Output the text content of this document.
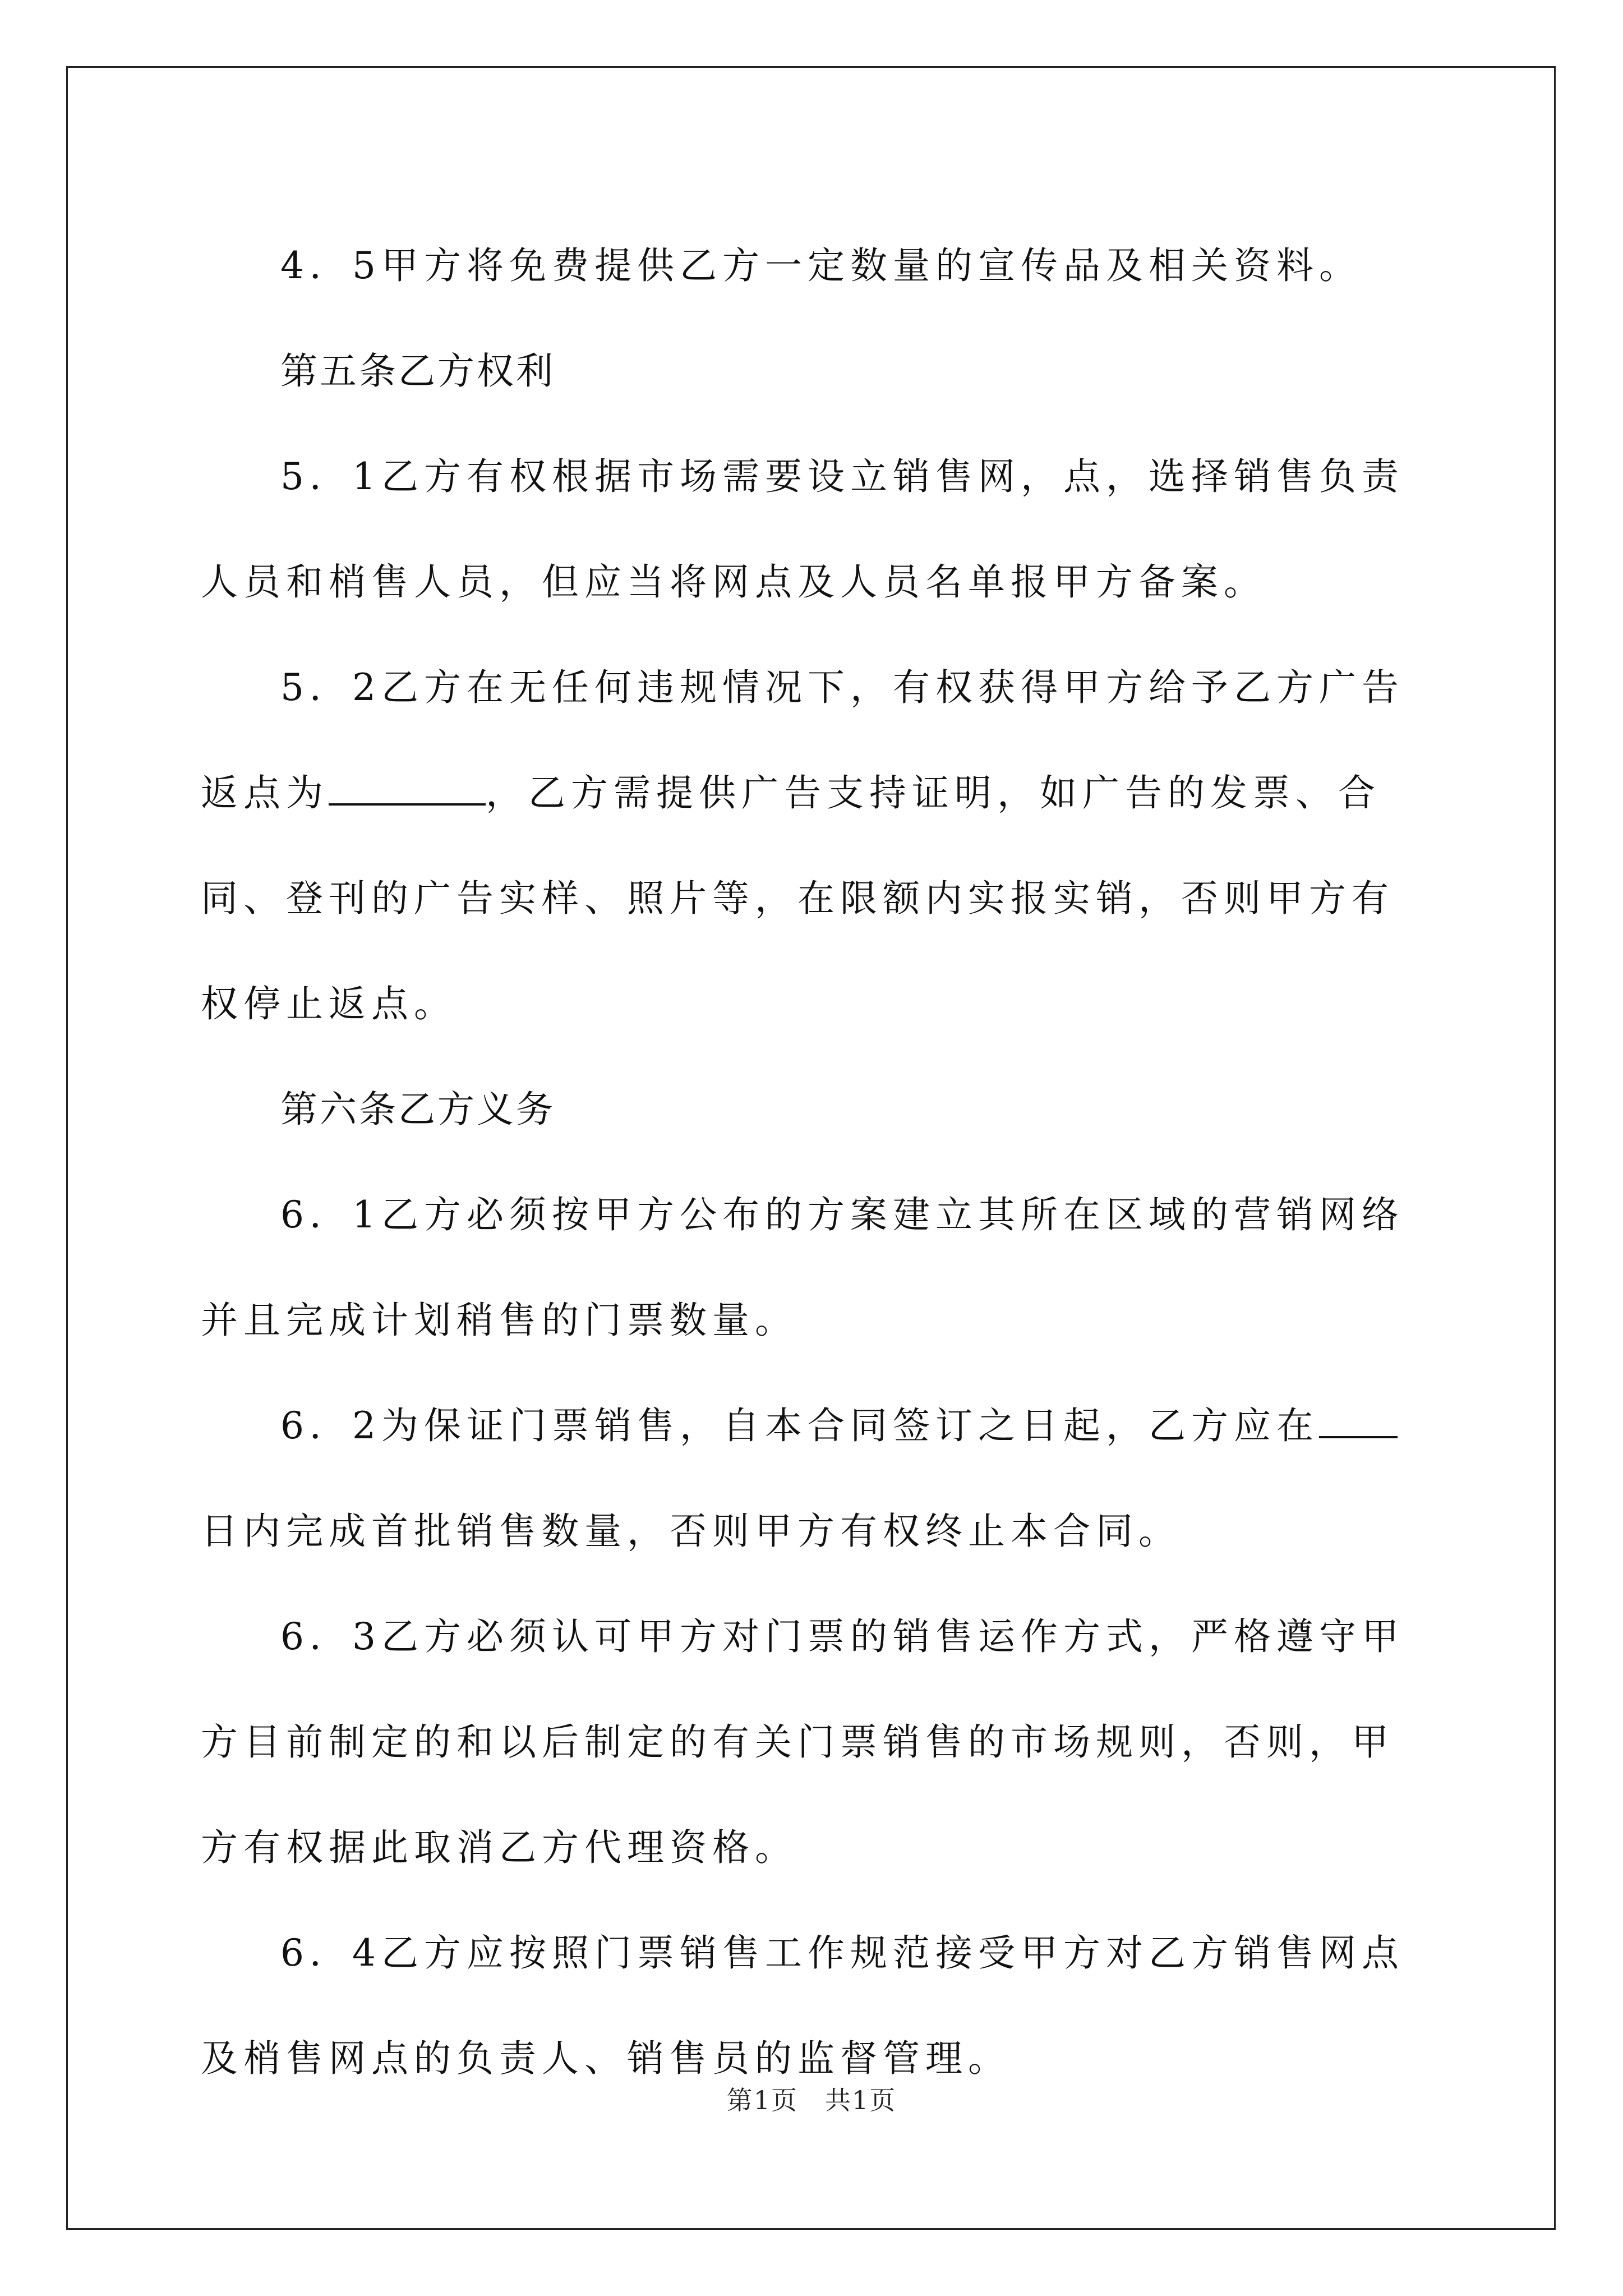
4．5甲方将免费提供乙方一定数量的宣传品及相关资料。

第五条乙方权利

5．1乙方有权根据市场需要设立销售网，点，选择销售负责人员和梢售人员，但应当将网点及人员名单报甲方备案。

5．2乙方在无任何违规情况下，有权获得甲方给予乙方广告返点为	，乙方需提供广告支持证明，如广告的发票、合同、登刊的广告实样、照片等，在限额内实报实销，否则甲方有权停止返点。

第六条乙方义务

6．1乙方必须按甲方公布的方案建立其所在区域的营销网络并且完成计划稍售的门票数量。

6．2为保证门票销售，自本合同签订之日起，乙方应在日内完成首批销售数量，否则甲方有权终止本合同。

6．3乙方必须认可甲方对门票的销售运作方式，严格遵守甲方目前制定的和以后制定的有关门票销售的市场规则，否则，甲方有权据此取消乙方代理资格。

6．4乙方应按照门票销售工作规范接受甲方对乙方销售网点及梢售网点的负责人、销售员的监督管理。

第1页　共1页
